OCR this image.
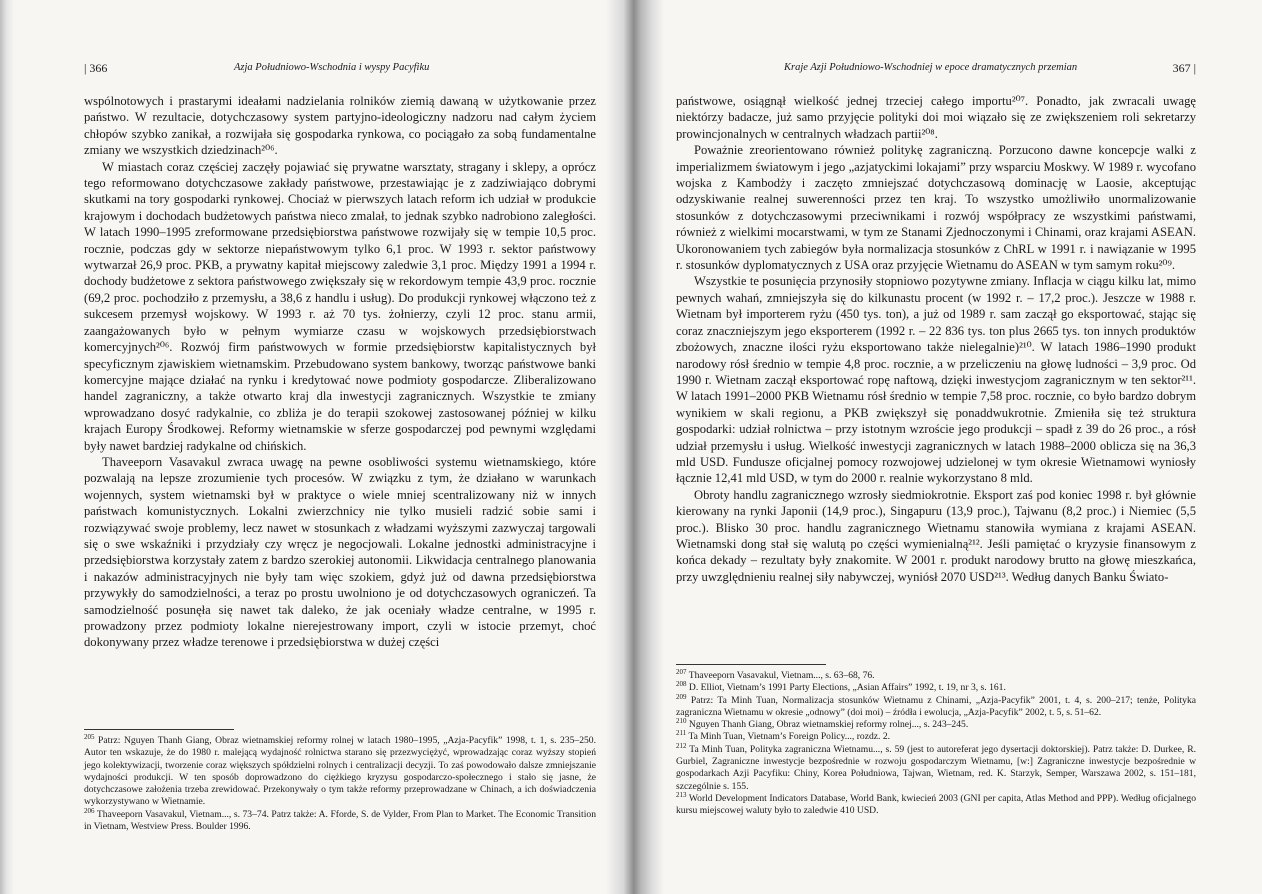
| 366	Azja Południowo-Wschodnia i wyspy Pacyfiku

wspólnotowych i prastarymi ideałami nadzielania rolników ziemią dawaną w użytkowanie przez państwo. W rezultacie, dotychczasowy system partyjno-ideologiczny nadzoru nad całym życiem chłopów szybko zanikał, a rozwijała się gospodarka rynkowa, co pociągało za sobą fundamentalne zmiany we wszystkich dziedzinach²⁰⁶.

W miastach coraz częściej zaczęły pojawiać się prywatne warsztaty, stragany i sklepy, a oprócz tego reformowano dotychczasowe zakłady państwowe, przestawiając je z zadziwiająco dobrymi skutkami na tory gospodarki rynkowej. Chociaż w pierwszych latach reform ich udział w produkcie krajowym i dochodach budżetowych państwa nieco zmalał, to jednak szybko nadrobiono zaległości. W latach 1990–1995 zreformowane przedsiębiorstwa państwowe rozwijały się w tempie 10,5 proc. rocznie, podczas gdy w sektorze niepaństwowym tylko 6,1 proc. W 1993 r. sektor państwowy wytwarzał 26,9 proc. PKB, a prywatny kapitał miejscowy zaledwie 3,1 proc. Między 1991 a 1994 r. dochody budżetowe z sektora państwowego zwiększały się w rekordowym tempie 43,9 proc. rocznie (69,2 proc. pochodziło z przemysłu, a 38,6 z handlu i usług). Do produkcji rynkowej włączono też z sukcesem przemysł wojskowy. W 1993 r. aż 70 tys. żołnierzy, czyli 12 proc. stanu armii, zaangażowanych było w pełnym wymiarze czasu w wojskowych przedsiębiorstwach komercyjnych²⁰⁶. Rozwój firm państwowych w formie przedsiębiorstw kapitalistycznych był specyficznym zjawiskiem wietnamskim. Przebudowano system bankowy, tworząc państwowe banki komercyjne mające działać na rynku i kredytować nowe podmioty gospodarcze. Zliberalizowano handel zagraniczny, a także otwarto kraj dla inwestycji zagranicznych. Wszystkie te zmiany wprowadzano dosyć radykalnie, co zbliża je do terapii szokowej zastosowanej później w kilku krajach Europy Środkowej. Reformy wietnamskie w sferze gospodarczej pod pewnymi względami były nawet bardziej radykalne od chińskich.

Thaveeporn Vasavakul zwraca uwagę na pewne osobliwości systemu wietnamskiego, które pozwalają na lepsze zrozumienie tych procesów. W związku z tym, że działano w warunkach wojennych, system wietnamski był w praktyce o wiele mniej scentralizowany niż w innych państwach komunistycznych. Lokalni zwierzchnicy nie tylko musieli radzić sobie sami i rozwiązywać swoje problemy, lecz nawet w stosunkach z władzami wyższymi zazwyczaj targowali się o swe wskaźniki i przydziały czy wręcz je negocjowali. Lokalne jednostki administracyjne i przedsiębiorstwa korzystały zatem z bardzo szerokiej autonomii. Likwidacja centralnego planowania i nakazów administracyjnych nie były tam więc szokiem, gdyż już od dawna przedsiębiorstwa przywykły do samodzielności, a teraz po prostu uwolniono je od dotychczasowych ograniczeń. Ta samodzielność posunęła się nawet tak daleko, że jak oceniały władze centralne, w 1995 r. prowadzony przez podmioty lokalne nierejestrowany import, czyli w istocie przemyt, choć dokonywany przez władze terenowe i przedsiębiorstwa w dużej części

$^{205}$ Patrz: Nguyen Thanh Giang, Obraz wietnamskiej reformy rolnej w latach 1980–1995, „Azja-Pacyfik” 1998, t. 1, s. 235–250. Autor ten wskazuje, że do 1980 r. malejącą wydajność rolnictwa starano się przezwyciężyć, wprowadzając coraz wyższy stopień jego kolektywizacji, tworzenie coraz większych spółdzielni rolnych i centralizacji decyzji. To zaś powodowało dalsze zmniejszanie wydajności produkcji. W ten sposób doprowadzono do ciężkiego kryzysu gospodarczo-społecznego i stało się jasne, że dotychczasowe założenia trzeba zrewidować. Przekonywały o tym także reformy przeprowadzane w Chinach, a ich doświadczenia wykorzystywano w Wietnamie.

$^{206}$ Thaveeporn Vasavakul, Vietnam..., s. 73–74. Patrz także: A. Fforde, S. de Vylder, From Plan to Market. The Economic Transition in Vietnam, Westview Press. Boulder 1996.

Kraje Azji Południowo-Wschodniej w epoce dramatycznych przemian	367 |

państwowe, osiągnął wielkość jednej trzeciej całego importu²⁰⁷. Ponadto, jak zwracali uwagę niektórzy badacze, już samo przyjęcie polityki doi moi wiązało się ze zwiększeniem roli sekretarzy prowincjonalnych w centralnych władzach partii²⁰⁸.

Poważnie zreorientowano również politykę zagraniczną. Porzucono dawne koncepcje walki z imperializmem światowym i jego „azjatyckimi lokajami” przy wsparciu Moskwy. W 1989 r. wycofano wojska z Kambodży i zaczęto zmniejszać dotychczasową dominację w Laosie, akceptując odzyskiwanie realnej suwerenności przez ten kraj. To wszystko umożliwiło unormalizowanie stosunków z dotychczasowymi przeciwnikami i rozwój współpracy ze wszystkimi państwami, również z wielkimi mocarstwami, w tym ze Stanami Zjednoczonymi i Chinami, oraz krajami ASEAN. Ukoronowaniem tych zabiegów była normalizacja stosunków z ChRL w 1991 r. i nawiązanie w 1995 r. stosunków dyplomatycznych z USA oraz przyjęcie Wietnamu do ASEAN w tym samym roku²⁰⁹.

Wszystkie te posunięcia przynosiły stopniowo pozytywne zmiany. Inflacja w ciągu kilku lat, mimo pewnych wahań, zmniejszyła się do kilkunastu procent (w 1992 r. – 17,2 proc.). Jeszcze w 1988 r. Wietnam był importerem ryżu (450 tys. ton), a już od 1989 r. sam zaczął go eksportować, stając się coraz znaczniejszym jego eksporterem (1992 r. – 22 836 tys. ton plus 2665 tys. ton innych produktów zbożowych, znaczne ilości ryżu eksportowano także nielegalnie)²¹⁰. W latach 1986–1990 produkt narodowy rósł średnio w tempie 4,8 proc. rocznie, a w przeliczeniu na głowę ludności – 3,9 proc. Od 1990 r. Wietnam zaczął eksportować ropę naftową, dzięki inwestycjom zagranicznym w ten sektor²¹¹. W latach 1991–2000 PKB Wietnamu rósł średnio w tempie 7,58 proc. rocznie, co było bardzo dobrym wynikiem w skali regionu, a PKB zwiększył się ponaddwukrotnie. Zmieniła się też struktura gospodarki: udział rolnictwa – przy istotnym wzroście jego produkcji – spadł z 39 do 26 proc., a rósł udział przemysłu i usług. Wielkość inwestycji zagranicznych w latach 1988–2000 oblicza się na 36,3 mld USD. Fundusze oficjalnej pomocy rozwojowej udzielonej w tym okresie Wietnamowi wyniosły łącznie 12,41 mld USD, w tym do 2000 r. realnie wykorzystano 8 mld.

Obroty handlu zagranicznego wzrosły siedmiokrotnie. Eksport zaś pod koniec 1998 r. był głównie kierowany na rynki Japonii (14,9 proc.), Singapuru (13,9 proc.), Tajwanu (8,2 proc.) i Niemiec (5,5 proc.). Blisko 30 proc. handlu zagranicznego Wietnamu stanowiła wymiana z krajami ASEAN. Wietnamski dong stał się walutą po części wymienialną²¹². Jeśli pamiętać o kryzysie finansowym z końca dekady – rezultaty były znakomite. W 2001 r. produkt narodowy brutto na głowę mieszkańca, przy uwzględnieniu realnej siły nabywczej, wyniósł 2070 USD²¹³. Według danych Banku Świato-

$^{207}$ Thaveeporn Vasavakul, Vietnam..., s. 63–68, 76.

$^{208}$ D. Elliot, Vietnam’s 1991 Party Elections, „Asian Affairs” 1992, t. 19, nr 3, s. 161.

$^{209}$ Patrz: Ta Minh Tuan, Normalizacja stosunków Wietnamu z Chinami, „Azja-Pacyfik” 2001, t. 4, s. 200–217; tenże, Polityka zagraniczna Wietnamu w okresie „odnowy” (doi moi) – źródła i ewolucja, „Azja-Pacyfik” 2002, t. 5, s. 51–62.

$^{210}$ Nguyen Thanh Giang, Obraz wietnamskiej reformy rolnej..., s. 243–245.

$^{211}$ Ta Minh Tuan, Vietnam’s Foreign Policy..., rozdz. 2.

$^{212}$ Ta Minh Tuan, Polityka zagraniczna Wietnamu..., s. 59 (jest to autoreferat jego dysertacji doktorskiej). Patrz także: D. Durkee, R. Gurbiel, Zagraniczne inwestycje bezpośrednie w rozwoju gospodarczym Wietnamu, [w:] Zagraniczne inwestycje bezpośrednie w gospodarkach Azji Pacyfiku: Chiny, Korea Południowa, Tajwan, Wietnam, red. K. Starzyk, Semper, Warszawa 2002, s. 151–181, szczególnie s. 155.

$^{213}$ World Development Indicators Database, World Bank, kwiecień 2003 (GNI per capita, Atlas Method and PPP). Według oficjalnego kursu miejscowej waluty było to zaledwie 410 USD.
